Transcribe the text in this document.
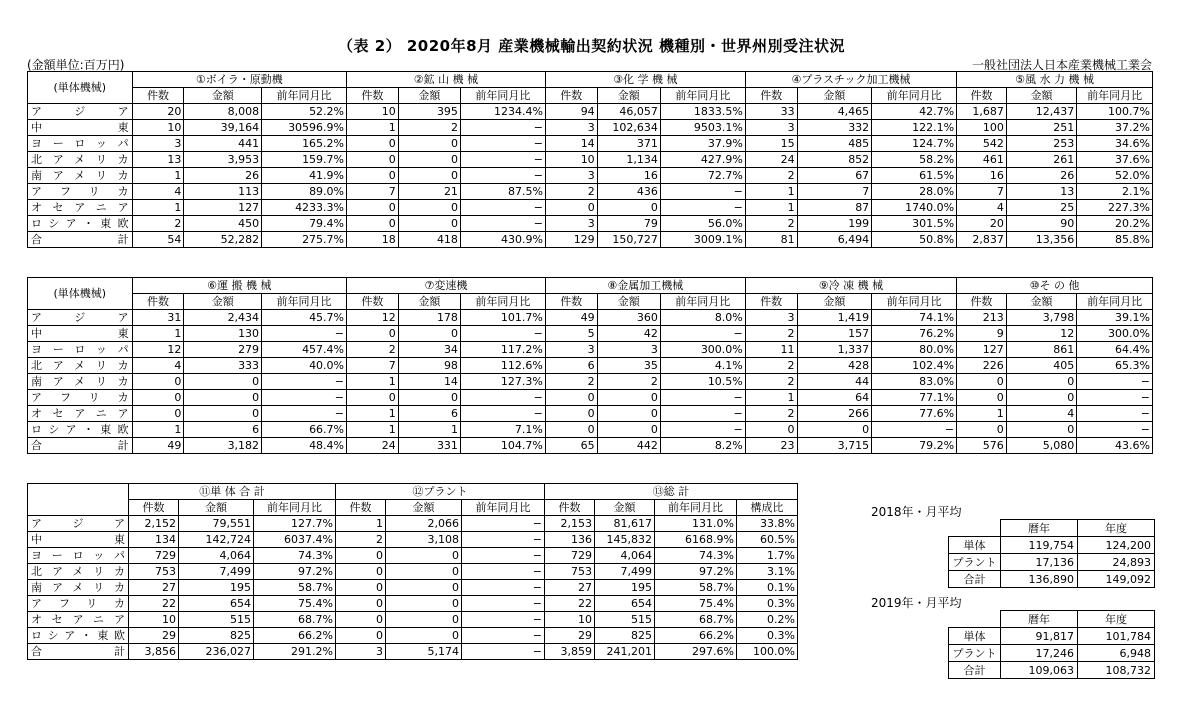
（表 2） 2020年8月 産業機械輸出契約状況 機種別・世界州別受注状況
(金額単位:百万円)	一般社団法人日本産業機械工業会
(単体機械)	①ボイラ・原動機			②鉱 山 機 械			③化 学 機 械			④プラスチック加工機械			⑤風 水 力 機 械		
	件数	金額	前年同月比	件数	金額	前年同月比	件数	金額	前年同月比	件数	金額	前年同月比	件数	金額	前年同月比
ア ジ ア	20	8,008	52.2%	10	395	1234.4%	94	46,057	1833.5%	33	4,465	42.7%	1,687	12,437	100.7%
中 東	10	39,164	30596.9%	1	2	−	3	102,634	9503.1%	3	332	122.1%	100	251	37.2%
ヨーロッパ	3	441	165.2%	0	0	−	14	371	37.9%	15	485	124.7%	542	253	34.6%
北アメリカ	13	3,953	159.7%	0	0	−	10	1,134	427.9%	24	852	58.2%	461	261	37.6%
南アメリカ	1	26	41.9%	0	0	−	3	16	72.7%	2	67	61.5%	16	26	52.0%
アフリカ	4	113	89.0%	7	21	87.5%	2	436	−	1	7	28.0%	7	13	2.1%
オセアニア	1	127	4233.3%	0	0	−	0	0	−	1	87	1740.0%	4	25	227.3%
ロシア・東欧	2	450	79.4%	0	0	−	3	79	56.0%	2	199	301.5%	20	90	20.2%
合 計	54	52,282	275.7%	18	418	430.9%	129	150,727	3009.1%	81	6,494	50.8%	2,837	13,356	85.8%
(単体機械)	⑥運 搬 機 械			⑦変速機			⑧金属加工機械			⑨冷 凍 機 械			⑩そ の 他		
	件数	金額	前年同月比	件数	金額	前年同月比	件数	金額	前年同月比	件数	金額	前年同月比	件数	金額	前年同月比
ア ジ ア	31	2,434	45.7%	12	178	101.7%	49	360	8.0%	3	1,419	74.1%	213	3,798	39.1%
中 東	1	130	−	0	0	−	5	42	−	2	157	76.2%	9	12	300.0%
ヨーロッパ	12	279	457.4%	2	34	117.2%	3	3	300.0%	11	1,337	80.0%	127	861	64.4%
北アメリカ	4	333	40.0%	7	98	112.6%	6	35	4.1%	2	428	102.4%	226	405	65.3%
南アメリカ	0	0	−	1	14	127.3%	2	2	10.5%	2	44	83.0%	0	0	−
アフリカ	0	0	−	0	0	−	0	0	−	1	64	77.1%	0	0	−
オセアニア	0	0	−	1	6	−	0	0	−	2	266	77.6%	1	4	−
ロシア・東欧	1	6	66.7%	1	1	7.1%	0	0	−	0	0	−	0	0	−
合 計	49	3,182	48.4%	24	331	104.7%	65	442	8.2%	23	3,715	79.2%	576	5,080	43.6%
	⑪単 体 合 計			⑫プラント			⑬総 計			
	件数	金額	前年同月比	件数	金額	前年同月比	件数	金額	前年同月比	構成比
ア ジ ア	2,152	79,551	127.7%	1	2,066	−	2,153	81,617	131.0%	33.8%
中 東	134	142,724	6037.4%	2	3,108	−	136	145,832	6168.9%	60.5%
ヨーロッパ	729	4,064	74.3%	0	0	−	729	4,064	74.3%	1.7%
北アメリカ	753	7,499	97.2%	0	0	−	753	7,499	97.2%	3.1%
南アメリカ	27	195	58.7%	0	0	−	27	195	58.7%	0.1%
アフリカ	22	654	75.4%	0	0	−	22	654	75.4%	0.3%
オセアニア	10	515	68.7%	0	0	−	10	515	68.7%	0.2%
ロシア・東欧	29	825	66.2%	0	0	−	29	825	66.2%	0.3%
合 計	3,856	236,027	291.2%	3	5,174	−	3,859	241,201	297.6%	100.0%
2018年・月平均
	暦年	年度
単体	119,754	124,200
プラント	17,136	24,893
合計	136,890	149,092
2019年・月平均
	暦年	年度
単体	91,817	101,784
プラント	17,246	6,948
合計	109,063	108,732
